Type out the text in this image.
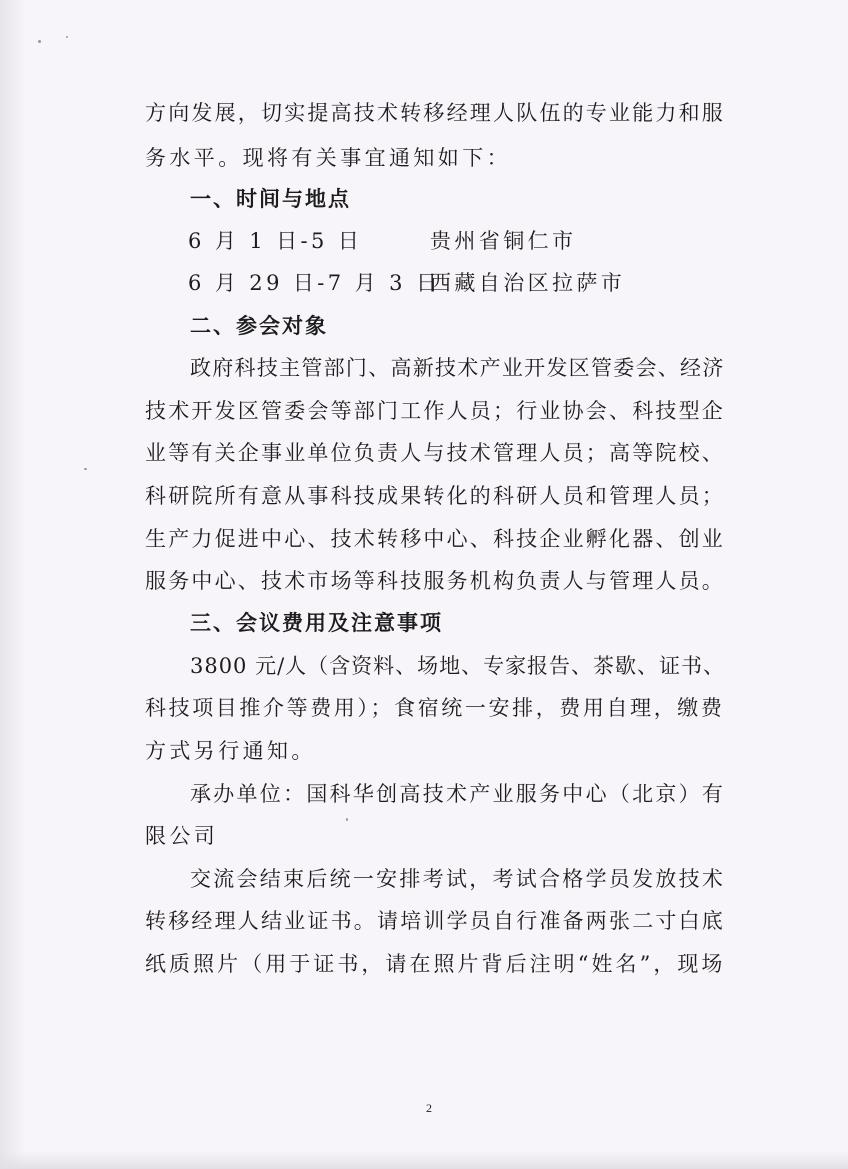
方向发展，切实提高技术转移经理人队伍的专业能力和服
务水平。现将有关事宜通知如下：
一、时间与地点
6 月 1 日-5 日	贵州省铜仁市
6 月 29 日-7 月 3 日
西藏自治区拉萨市
二、参会对象
政府科技主管部门、高新技术产业开发区管委会、经济
技术开发区管委会等部门工作人员；行业协会、科技型企
业等有关企事业单位负责人与技术管理人员；高等院校、
科研院所有意从事科技成果转化的科研人员和管理人员；
生产力促进中心、技术转移中心、科技企业孵化器、创业
服务中心、技术市场等科技服务机构负责人与管理人员。
三、会议费用及注意事项
3800 元/人（含资料、场地、专家报告、茶歇、证书、
科技项目推介等费用）；食宿统一安排，费用自理，缴费
方式另行通知。
承办单位：国科华创高技术产业服务中心（北京）有
限公司
交流会结束后统一安排考试，考试合格学员发放技术
转移经理人结业证书。请培训学员自行准备两张二寸白底
纸质照片（用于证书，请在照片背后注明“姓名”，现场
2
